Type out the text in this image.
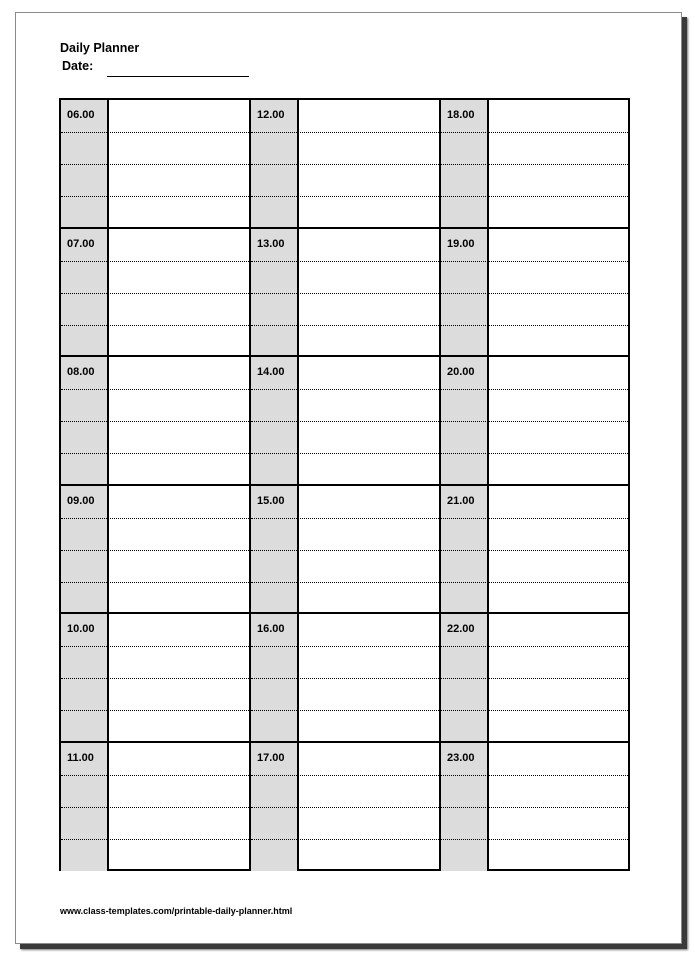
Daily Planner
Date:
06.00
07.00
08.00
09.00
10.00
11.00
12.00
13.00
14.00
15.00
16.00
17.00
18.00
19.00
20.00
21.00
22.00
23.00
www.class-templates.com/printable-daily-planner.html
